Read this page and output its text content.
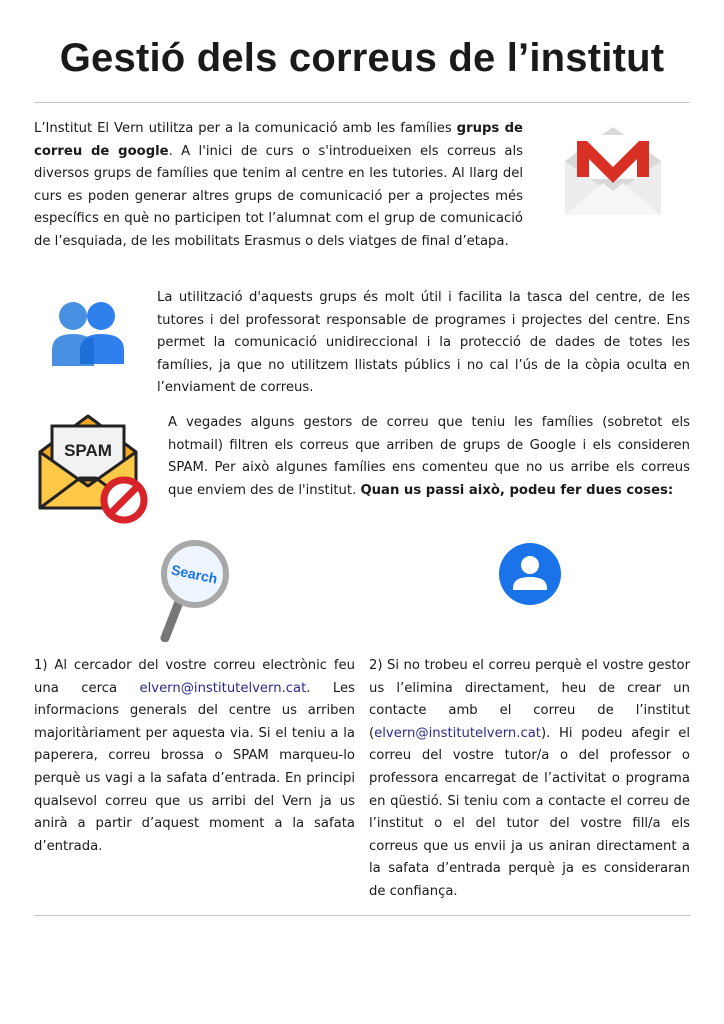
Gestió dels correus de l’institut

L’Institut El Vern utilitza per a la comunicació amb les famílies grups de correu de google. A l'inici de curs o s'introdueixen els correus als diversos grups de famílies que tenim al centre en les tutories. Al llarg del curs es poden generar altres grups de comunicació per a projectes més específics en què no participen tot l’alumnat com el grup de comunicació de l’esquiada, de les mobilitats Erasmus o dels viatges de final d’etapa.

La utilització d'aquests grups és molt útil i facilita la tasca del centre, de les tutores i del professorat responsable de programes i projectes del centre. Ens permet la comunicació unidireccional i la protecció de dades de totes les famílies, ja que no utilitzem llistats públics i no cal l’ús de la còpia oculta en l’enviament de correus.

SPAM

A vegades alguns gestors de correu que teniu les famílies (sobretot els hotmail) filtren els correus que arriben de grups de Google i els consideren SPAM. Per això algunes famílies ens comenteu que no us arribe els correus que enviem des de l'institut. Quan us passi això, podeu fer dues coses:

Search

1) Al cercador del vostre correu electrònic feu una cerca elvern@institutelvern.cat. Les informacions generals del centre us arriben majoritàriament per aquesta via. Si el teniu a la paperera, correu brossa o SPAM marqueu-lo perquè us vagi a la safata d’entrada. En principi qualsevol correu que us arribi del Vern ja us anirà a partir d’aquest moment a la safata d’entrada.

2) Si no trobeu el correu perquè el vostre gestor us l’elimina directament, heu de crear un contacte amb el correu de l’institut (elvern@institutelvern.cat). Hi podeu afegir el correu del vostre tutor/a o del professor o professora encarregat de l’activitat o programa en qüestió. Si teniu com a contacte el correu de l’institut o el del tutor del vostre fill/a els correus que us envii ja us aniran directament a la safata d’entrada perquè ja es consideraran de confiança.
